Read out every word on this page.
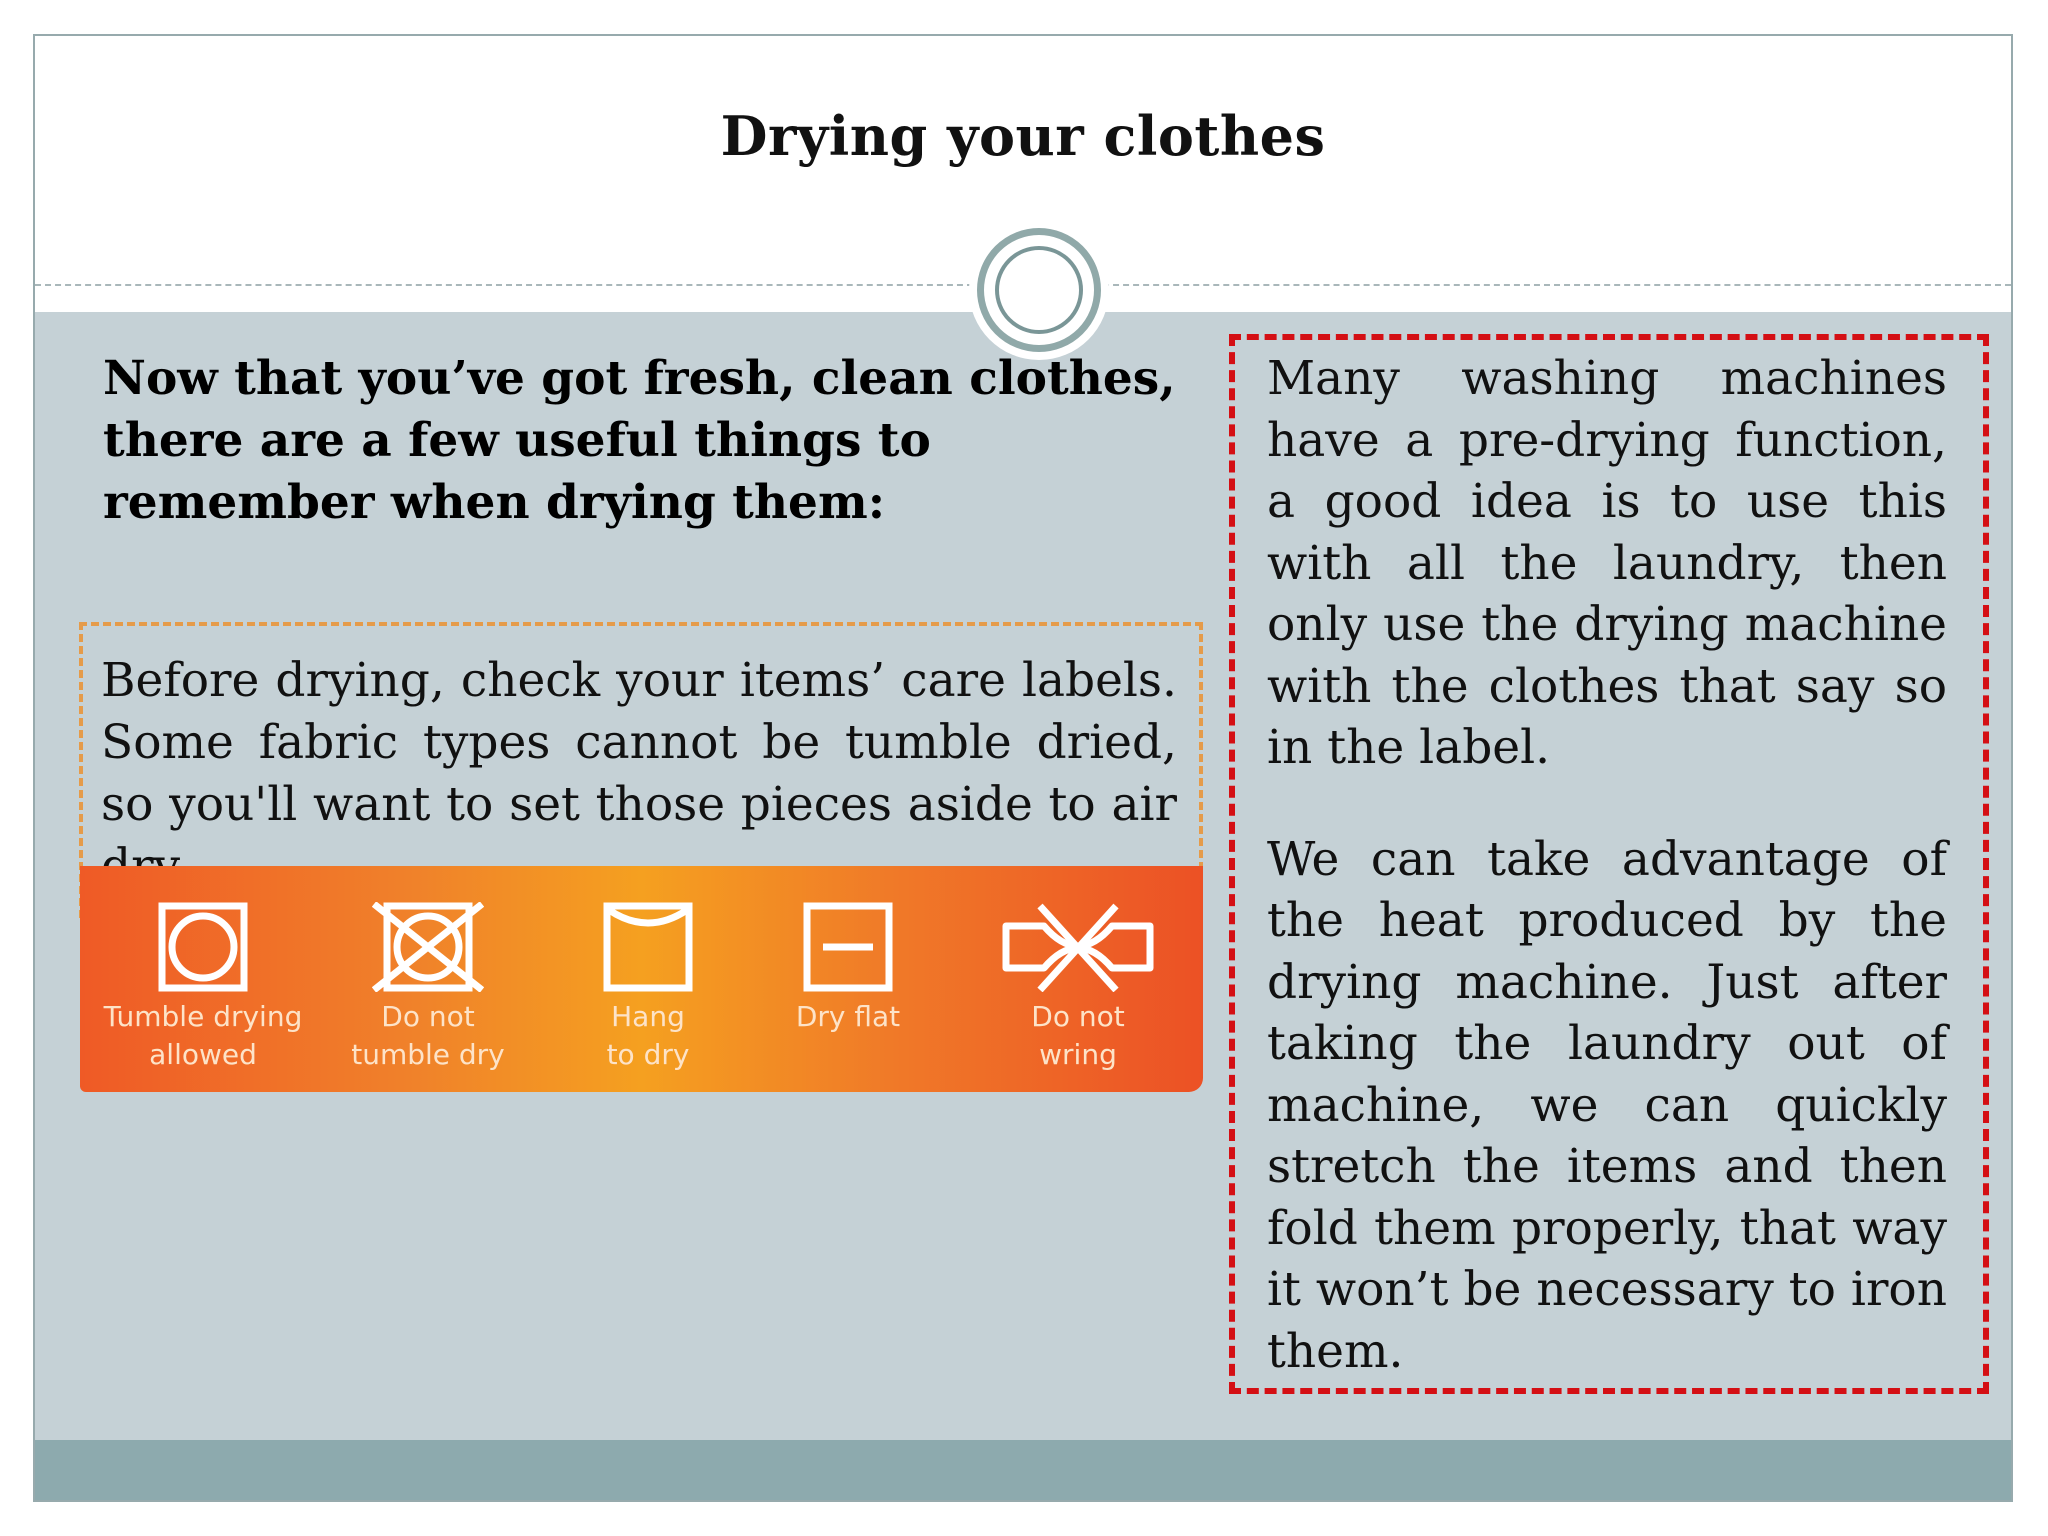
Drying your clothes
Now that you’ve got fresh, clean clothes, there are a few useful things to remember when drying them:
Before drying, check your items’ care labels. Some fabric types cannot be tumble dried, so you'll want to set those pieces aside to air
Tumble drying
allowed
Do not
tumble dry
Hang
to dry
Dry flat	Do not
wring

Many washing machines have a pre-drying function, a good idea is to use this with all the laundry, then only use the drying machine with the clothes that say so in the label.

We can take advantage of the heat produced by the drying machine. Just after taking the laundry out of machine, we can quickly stretch the items and then fold them properly, that way it won’t be necessary to iron them.
